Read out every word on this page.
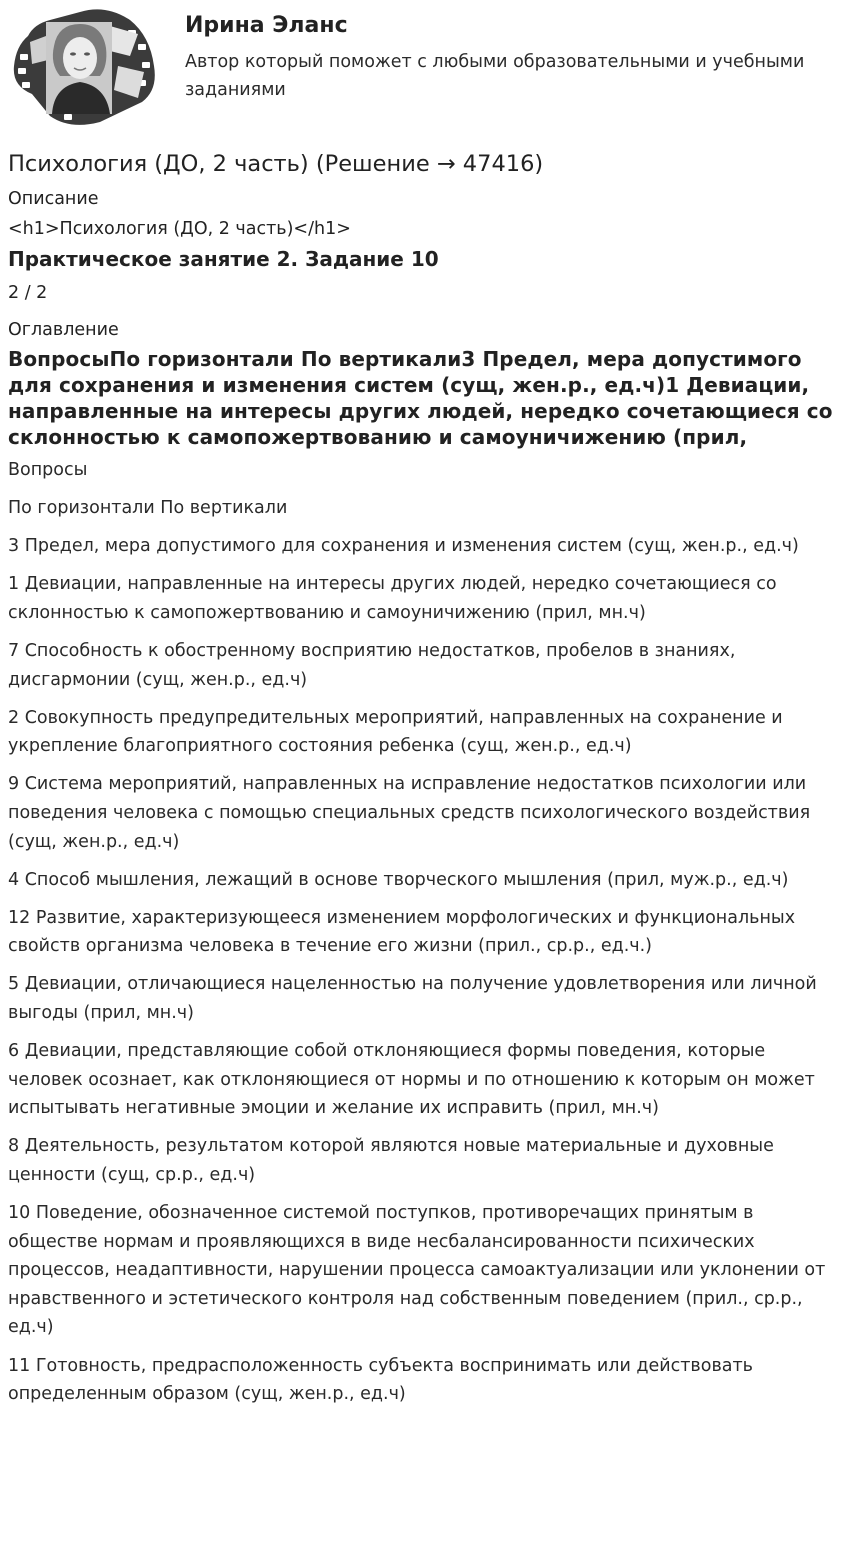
Ирина Эланс
Автор который поможет с любыми образовательными и учебными заданиями
Психология (ДО, 2 часть) (Решение → 47416)
Описание
<h1>Психология (ДО, 2 часть)</h1>
Практическое занятие 2. Задание 10
2 / 2
Оглавление
ВопросыПо горизонтали По вертикали3 Предел, мера допустимого для сохранения и изменения систем (сущ, жен.р., ед.ч)1 Девиации, направленные на интересы других людей, нередко сочетающиеся со склонностью к самопожертвованию и самоуничижению (прил,

Вопросы

По горизонтали По вертикали

3 Предел, мера допустимого для сохранения и изменения систем (сущ, жен.р., ед.ч)

1 Девиации, направленные на интересы других людей, нередко сочетающиеся со склонностью к самопожертвованию и самоуничижению (прил, мн.ч)

7 Способность к обостренному восприятию недостатков, пробелов в знаниях, дисгармонии (сущ, жен.р., ед.ч)

2 Совокупность предупредительных мероприятий, направленных на сохранение и укрепление благоприятного состояния ребенка (сущ, жен.р., ед.ч)

9 Система мероприятий, направленных на исправление недостатков психологии или поведения человека с помощью специальных средств психологического воздействия (сущ, жен.р., ед.ч)

4 Способ мышления, лежащий в основе творческого мышления (прил, муж.р., ед.ч)

12 Развитие, характеризующееся изменением морфологических и функциональных свойств организма человека в течение его жизни (прил., ср.р., ед.ч.)

5 Девиации, отличающиеся нацеленностью на получение удовлетворения или личной выгоды (прил, мн.ч)

6 Девиации, представляющие собой отклоняющиеся формы поведения, которые человек осознает, как отклоняющиеся от нормы и по отношению к которым он может испытывать негативные эмоции и желание их исправить (прил, мн.ч)

8 Деятельность, результатом которой являются новые материальные и духовные ценности (сущ, ср.р., ед.ч)

10 Поведение, обозначенное системой поступков, противоречащих принятым в обществе нормам и проявляющихся в виде несбалансированности психических процессов, неадаптивности, нарушении процесса самоактуализации или уклонении от нравственного и эстетического контроля над собственным поведением (прил., ср.р., ед.ч)

11 Готовность, предрасположенность субъекта воспринимать или действовать определенным образом (сущ, жен.р., ед.ч)
